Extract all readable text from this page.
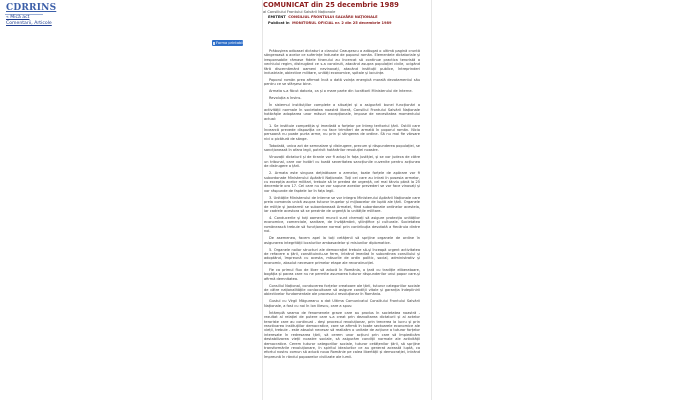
CDRRINS
« Mică act
Comentarii, Articole
Forma printabilă
COMUNICAT din 25 decembrie 1989
al Consiliului Frontului Salvării Naționale
EMITENT CONSILIUL FRONTULUI SALVĂRII NAȚIONALE
Publicat în MONITORUL OFICIAL nr. 2 din 25 decembrie 1989

Prăbușirea odioasei dictaturi a clanului Ceaușescu a adăugat o ultimă pagină cruntă sângeroasă a acelor ce suferințe îndurate de poporul român. Elementele dictatoriale și iresponsabile rămase fidele tiranului au încercat să continue practica teroristă a vechiului regim, distrugând ce s-a construit, atacând asupra populației civile, ucigând fără discernământ oameni nevinovați, atacând instituții publice, întreprinderi industriale, obiective militare, unități economice, spitale și locuințe.

Poporul român prea afirmat încă o dată voința energică morală devotamentul său pentru ce se sfârșesc bine.

Armata s-a făcut datoria, ca și o mare parte din lucrătorii Ministerului de Interne.

Revoluția a învins.

În sistemul instituțiilor complete a situației și a asigurării bunei funcționări a activității normale în societatea noastră liberă, Consiliul Frontului Salvării Naționale hotărăște adoptarea unor măsuri excepționale, impuse de necesitatea momentului actual:

1. Se instituie competiția și imediată a forțelor pe întreg teritoriul țării. Ostilii care încearcă prevede dispoziția ce nu face trimiteri de armată în poporul român. Nicio persoană nu poate purta arme, nu prin și stingerea de ordine. Să nu mai fie vărsare nici o picătură de sânge.

Totodată, unica act de semnalare și distrugere, precum și răspunderea populației, se sancționează în afara legii, potrivit hotărârilor revoluției noastre.

Vinovații dictaturii și de tiranie vor fi aduși în fața Justiției, și se vor judeca de către un tribunal, care vor hotărî cu toată severitatea sancțiunile cuvenite pentru acțiunea de distrugere a țării.

2. Armata este singura deținătoare a armelor, toate forțele de apărare vor fi subordonate Ministerului Apărării Naționale. Toți cei care au intrat în posesia armelor, cu excepția acelor militari, trebuie să le predea de urgență, cel mai târziu până la 25 decembrie ora 17. Cei care nu se vor supune acestor prevederi se vor face vinovați și vor răspunde de faptele lor în fața legii.

3. Unitățile Ministerului de Interne se vor integra Ministerului Apărării Naționale care preia comanda unică asupra tuturor trupelor și mijloacelor de luptă ale țării. Organele de miliție și jandarmii se subordonează Armatei, fiind subordonate ordinelor acesteia, iar cadrele acestora să se prezinte de urgență la unitățile militare.

4. Conducerile și toți oamenii muncii sunt chemați să asigure protecția unităților economice, comerciale, sanitare, de învățământ, științifice și culturale. Societatea românească trebuie să funcționeze normal prin contribuția devotată a fiecăruia dintre noi.

De asemenea, facem apel la toți cetățenii să sprijine organele de ordine în asigurarea integrității localurilor ambasadelor și misiunilor diplomatice.

5. Organele noilor structuri ale democrației trebuie să-și înceapă urgent activitatea de refacere a țării, constituindu-se ferm, intrând imediat în subordinea consiliului și adoptând, împreună cu acesta, măsurile de ordin politic, social, administrativ și economic, absolut necesare primelor etape ale reconstrucției.

Fie ca primul flux de liber să aducă în România, o țară cu tradiție eliberatoare, bogăția și pacea care nu ne permite asumarea tuturor răspunderilor unui popor care-și afirmă demnitatea.

Consiliul Național, conducerea forțelor creatoare ale țării, tuturor categoriilor sociale de către naționalitățile conlocuitoare să asigure condiții vitale și garanția îndeplinirii obiectivelor fundamentale ale procesului revoluționar în România.

Gustul cu Virgil Măgureanu a dat Ultima Comunicatul Consiliului Frontului Salvării Naționale, a fost cu noi în Ion Iliescu, care a spus:

Întâmplă seama de fenomenele grave care au produs în societatea noastră - rezultat al relației de putere care s-a creat prin dezvoltarea dictaturii și al actelor teroriste care au continuat - deși procesul revoluționar, prin trecerea la lucru și prin reactivarea instituțiilor democratice, care se afirmă în toate sectoarele economice ale vieții, trebuie - este absolut necesar să realizăm o unitate de acțiune a tuturor forțelor interesate în redresarea țării, să cerem unor acțiuni prin care să împiedicăm destabilizarea vieții noastre sociale, să asigurăm condiții normale ale activității democratice. Cerem tuturor categoriilor sociale, tuturor cetățenilor țării, să sprijine transformările revoluționare, în spiritul idealurilor ce au generat această luptă, ca efortul nostru comun să aducă noua Românie pe calea libertății și democrației, intrând împreună în rândul popoarelor civilizate ale lumii.
